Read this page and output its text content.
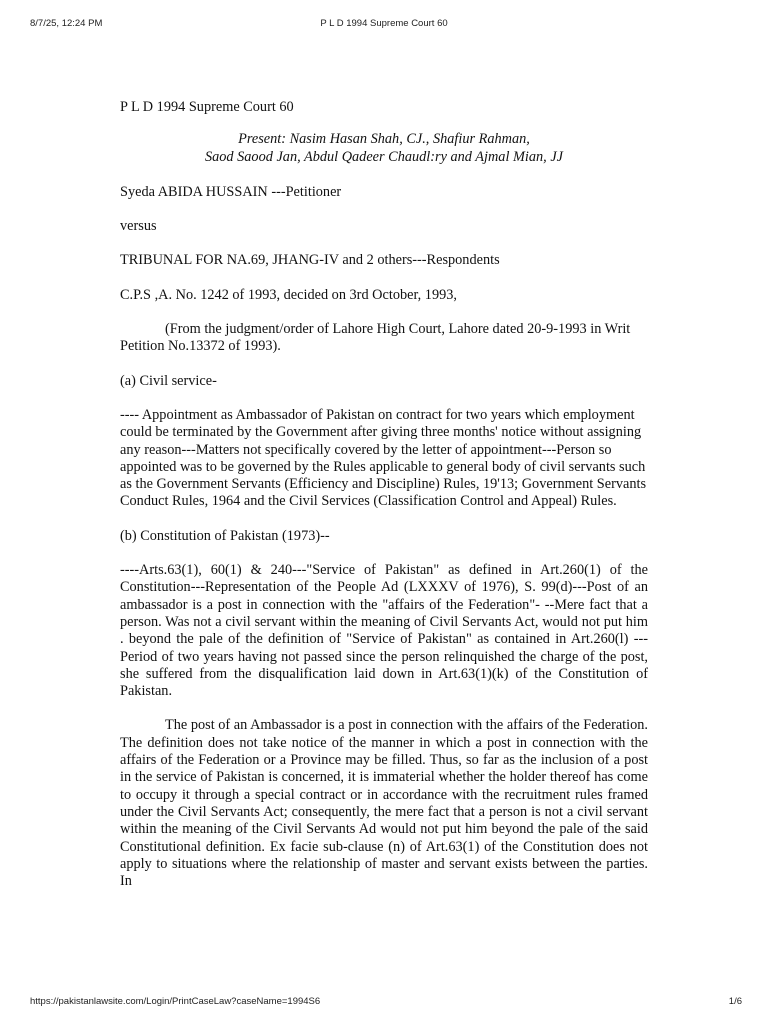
8/7/25, 12:24 PM	P L D 1994 Supreme Court 60

P L D 1994 Supreme Court 60

Present: Nasim Hasan Shah, CJ., Shafiur Rahman,

Saod Saood Jan, Abdul Qadeer Chaudl:ry and Ajmal Mian, JJ

Syeda ABIDA HUSSAIN ---Petitioner

versus

TRIBUNAL FOR NA.69, JHANG-IV and 2 others---Respondents

C.P.S ,A. No. 1242 of 1993, decided on 3rd October, 1993,

(From the judgment/order of Lahore High Court, Lahore dated 20-9-1993 in Writ Petition No.13372 of 1993).

(a) Civil service-

---- Appointment as Ambassador of Pakistan on contract for two years which employment could be terminated by the Government after giving three months' notice without assigning any reason---Matters not specifically covered by the letter of appointment---Person so appointed was to be governed by the Rules applicable to general body of civil servants such as the Government Servants (Efficiency and Discipline) Rules, 19'13; Government Servants Conduct Rules, 1964 and the Civil Services (Classification Control and Appeal) Rules.

(b) Constitution of Pakistan (1973)--

----Arts.63(1), 60(1) & 240---"Service of Pakistan" as defined in Art.260(1) of the Constitution---Representation of the People Ad (LXXXV of 1976), S. 99(d)---Post of an ambassador is a post in connection with the "affairs of the Federation"- --Mere fact that a person. Was not a civil servant within the meaning of Civil Servants Act, would not put him . beyond the pale of the definition of "Service of Pakistan" as contained in Art.260(l) --- Period of two years having not passed since the person relinquished the charge of the post, she suffered from the disqualification laid down in Art.63(1)(k) of the Constitution of Pakistan.

The post of an Ambassador is a post in connection with the affairs of the Federation. The definition does not take notice of the manner in which a post in connection with the affairs of the Federation or a Province may be filled. Thus, so far as the inclusion of a post in the service of Pakistan is concerned, it is immaterial whether the holder thereof has come to occupy it through a special contract or in accordance with the recruitment rules framed under the Civil Servants Act; consequently, the mere fact that a person is not a civil servant within the meaning of the Civil Servants Ad would not put him beyond the pale of the said Constitutional definition. Ex facie sub-clause (n) of Art.63(1) of the Constitution does not apply to situations where the relationship of master and servant exists between the parties. In

https://pakistanlawsite.com/Login/PrintCaseLaw?caseName=1994S6	1/6
